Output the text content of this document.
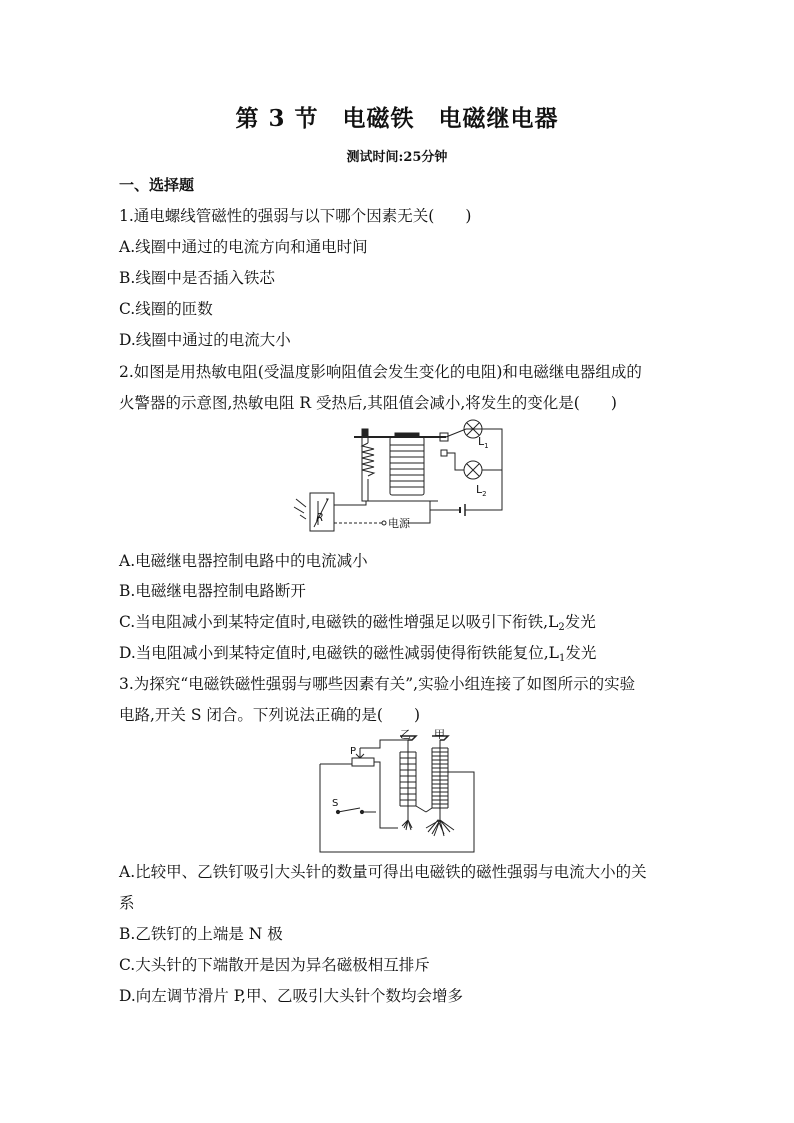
第 3 节　电磁铁　电磁继电器
测试时间:25分钟
一、选择题
1.通电螺线管磁性的强弱与以下哪个因素无关(　　)
A.线圈中通过的电流方向和通电时间
B.线圈中是否插入铁芯
C.线圈的匝数
D.线圈中通过的电流大小
2.如图是用热敏电阻(受温度影响阻值会发生变化的电阻)和电磁继电器组成的
火警器的示意图,热敏电阻 R 受热后,其阻值会减小,将发生的变化是(　　)
R
$L_1$
$L_2$
电源
A.电磁继电器控制电路中的电流减小
B.电磁继电器控制电路断开
C.当电阻减小到某特定值时,电磁铁的磁性增强足以吸引下衔铁$,L_2$发光
D.当电阻减小到某特定值时,电磁铁的磁性减弱使得衔铁能复位$,L_1$发光
3.为探究“电磁铁磁性强弱与哪些因素有关”,实验小组连接了如图所示的实验
电路,开关 S 闭合。下列说法正确的是(　　)
P
S
乙 甲
A.比较甲、乙铁钉吸引大头针的数量可得出电磁铁的磁性强弱与电流大小的关
系
B.乙铁钉的上端是 N 极
C.大头针的下端散开是因为异名磁极相互排斥
D.向左调节滑片 P,甲、乙吸引大头针个数均会增多
